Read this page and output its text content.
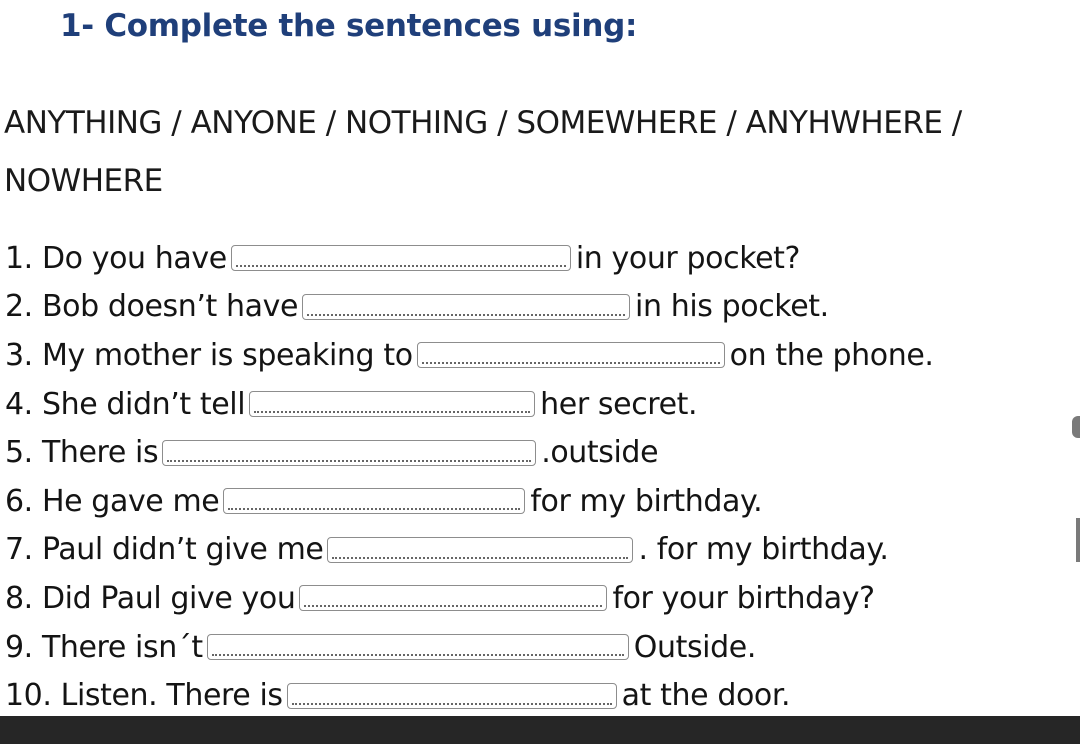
1- Complete the sentences using:
ANYTHING / ANYONE / NOTHING / SOMEWHERE / ANYHWHERE /
NOWHERE
1. Do you have	in your pocket?
2. Bob doesn’t have	in his pocket.
3. My mother is speaking to	on the phone.
4. She didn’t tell	her secret.
5. There is	.outside
6. He gave me	for my birthday.
7. Paul didn’t give me	. for my birthday.
8. Did Paul give you	for your birthday?
9. There isn´t	Outside.
10. Listen. There is	at the door.
